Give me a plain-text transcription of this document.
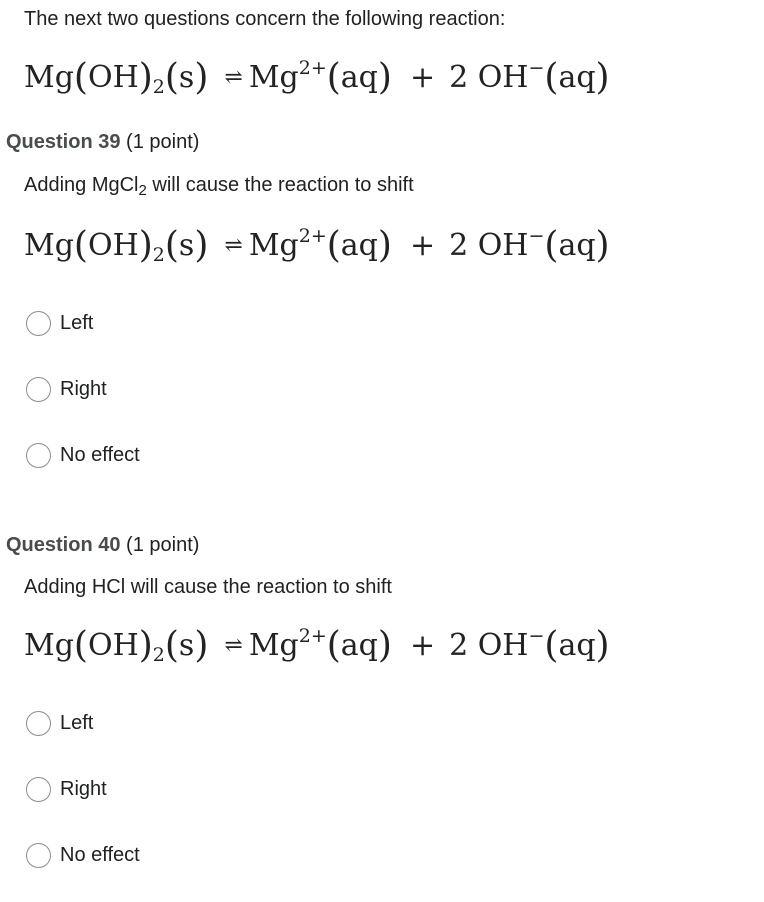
The next two questions concern the following reaction:
$Mg(OH)_2(s)$ ⇌ $Mg^{2+}(aq) + 2$ OH−(aq)
Question 39 (1 point)
Adding MgCl$_2$ will cause the reaction to shift
$Mg(OH)_2(s)$ ⇌ $Mg^{2+}(aq) + 2$ OH−(aq)
Left
Right
No effect
Question 40 (1 point)
Adding HCl will cause the reaction to shift
$Mg(OH)_2(s)$ ⇌ $Mg^{2+}(aq) + 2$ OH−(aq)
Left
Right
No effect
